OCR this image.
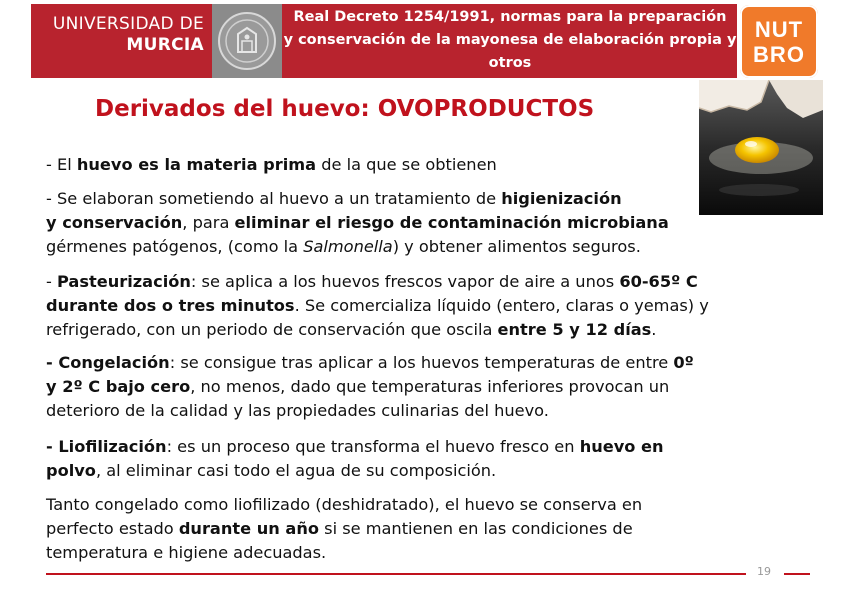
UNIVERSIDAD DE
MURCIA
Real Decreto 1254/1991, normas para la preparación
y conservación de la mayonesa de elaboración propia y
otros
NUT
BRO
Derivados del huevo: OVOPRODUCTOS

- El huevo es la materia prima de la que se obtienen

- Se elaboran sometiendo al huevo a un tratamiento de higienización
y conservación, para eliminar el riesgo de contaminación microbiana
gérmenes patógenos, (como la Salmonella) y obtener alimentos seguros.

- Pasteurización: se aplica a los huevos frescos vapor de aire a unos 60-65º C
durante dos o tres minutos. Se comercializa líquido (entero, claras o yemas) y
refrigerado, con un periodo de conservación que oscila entre 5 y 12 días.

- Congelación: se consigue tras aplicar a los huevos temperaturas de entre 0º
y 2º C bajo cero, no menos, dado que temperaturas inferiores provocan un
deterioro de la calidad y las propiedades culinarias del huevo.

- Liofilización: es un proceso que transforma el huevo fresco en huevo en
polvo, al eliminar casi todo el agua de su composición.

Tanto congelado como liofilizado (deshidratado), el huevo se conserva en
perfecto estado durante un año si se mantienen en las condiciones de
temperatura e higiene adecuadas.

19
